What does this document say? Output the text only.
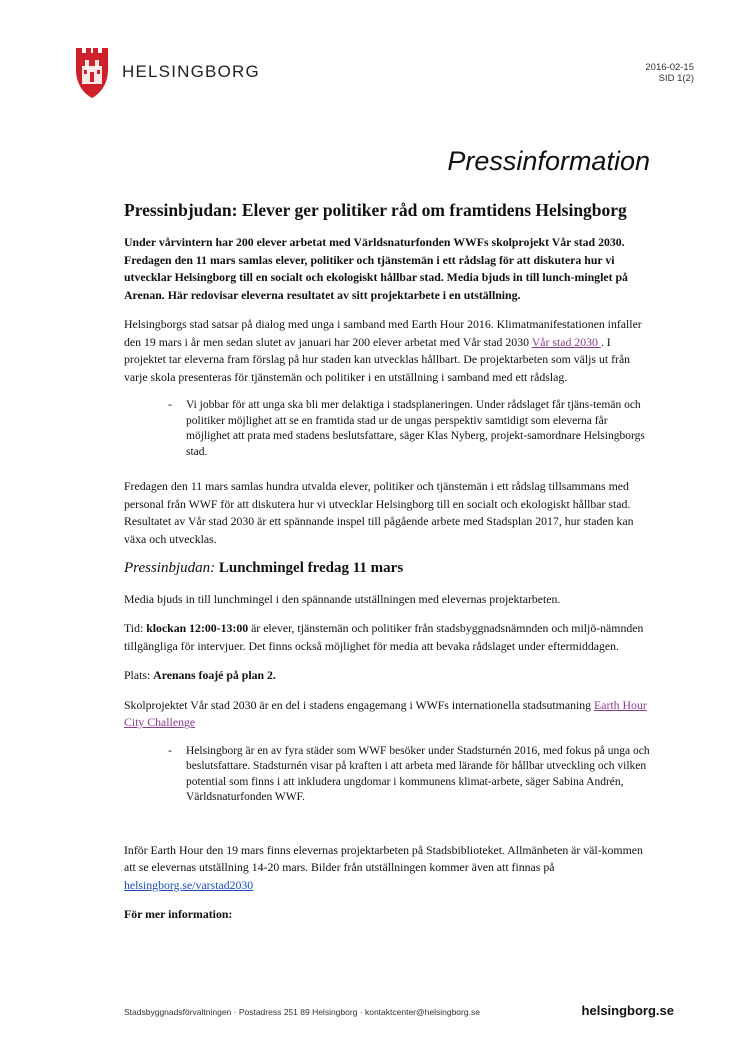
HELSINGBORG	2016-02-15
SID 1(2)
Pressinformation
Pressinbjudan: Elever ger politiker råd om framtidens Helsingborg

Under vårvintern har 200 elever arbetat med Världsnaturfonden WWFs skolprojekt Vår stad 2030. Fredagen den 11 mars samlas elever, politiker och tjänstemän i ett rådslag för att diskutera hur vi utvecklar Helsingborg till en socialt och ekologiskt hållbar stad. Media bjuds in till lunch-minglet på Arenan. Här redovisar eleverna resultatet av sitt projektarbete i en utställning.

Helsingborgs stad satsar på dialog med unga i samband med Earth Hour 2016. Klimatmanifestationen infaller den 19 mars i år men sedan slutet av januari har 200 elever arbetat med Vår stad 2030 Vår stad 2030 . I projektet tar eleverna fram förslag på hur staden kan utvecklas hållbart. De projektarbeten som väljs ut från varje skola presenteras för tjänstemän och politiker i en utställning i samband med ett rådslag.

- Vi jobbar för att unga ska bli mer delaktiga i stadsplaneringen. Under rådslaget får tjäns-temän och politiker möjlighet att se en framtida stad ur de ungas perspektiv samtidigt som eleverna får möjlighet att prata med stadens beslutsfattare, säger Klas Nyberg, projekt-samordnare Helsingborgs stad.

Fredagen den 11 mars samlas hundra utvalda elever, politiker och tjänstemän i ett rådslag tillsammans med personal från WWF för att diskutera hur vi utvecklar Helsingborg till en socialt och ekologiskt hållbar stad. Resultatet av Vår stad 2030 är ett spännande inspel till pågående arbete med Stadsplan 2017, hur staden kan växa och utvecklas.

Pressinbjudan: Lunchmingel fredag 11 mars

Media bjuds in till lunchmingel i den spännande utställningen med elevernas projektarbeten.

Tid: klockan 12:00-13:00 är elever, tjänstemän och politiker från stadsbyggnadsnämnden och miljö-nämnden tillgängliga för intervjuer. Det finns också möjlighet för media att bevaka rådslaget under eftermiddagen.

Plats: Arenans foajé på plan 2.

Skolprojektet Vår stad 2030 är en del i stadens engagemang i WWFs internationella stadsutmaning Earth Hour City Challenge

- Helsingborg är en av fyra städer som WWF besöker under Stadsturnén 2016, med fokus på unga och beslutsfattare. Stadsturnén visar på kraften i att arbeta med lärande för hållbar utveckling och vilken potential som finns i att inkludera ungdomar i kommunens klimat-arbete, säger Sabina Andrén, Världsnaturfonden WWF.

Inför Earth Hour den 19 mars finns elevernas projektarbeten på Stadsbiblioteket. Allmänheten är väl-kommen att se elevernas utställning 14-20 mars. Bilder från utställningen kommer även att finnas på helsingborg.se/varstad2030

För mer information:

Stadsbyggnadsförvaltningen · Postadress 251 89 Helsingborg · kontaktcenter@helsingborg.se	helsingborg.se
